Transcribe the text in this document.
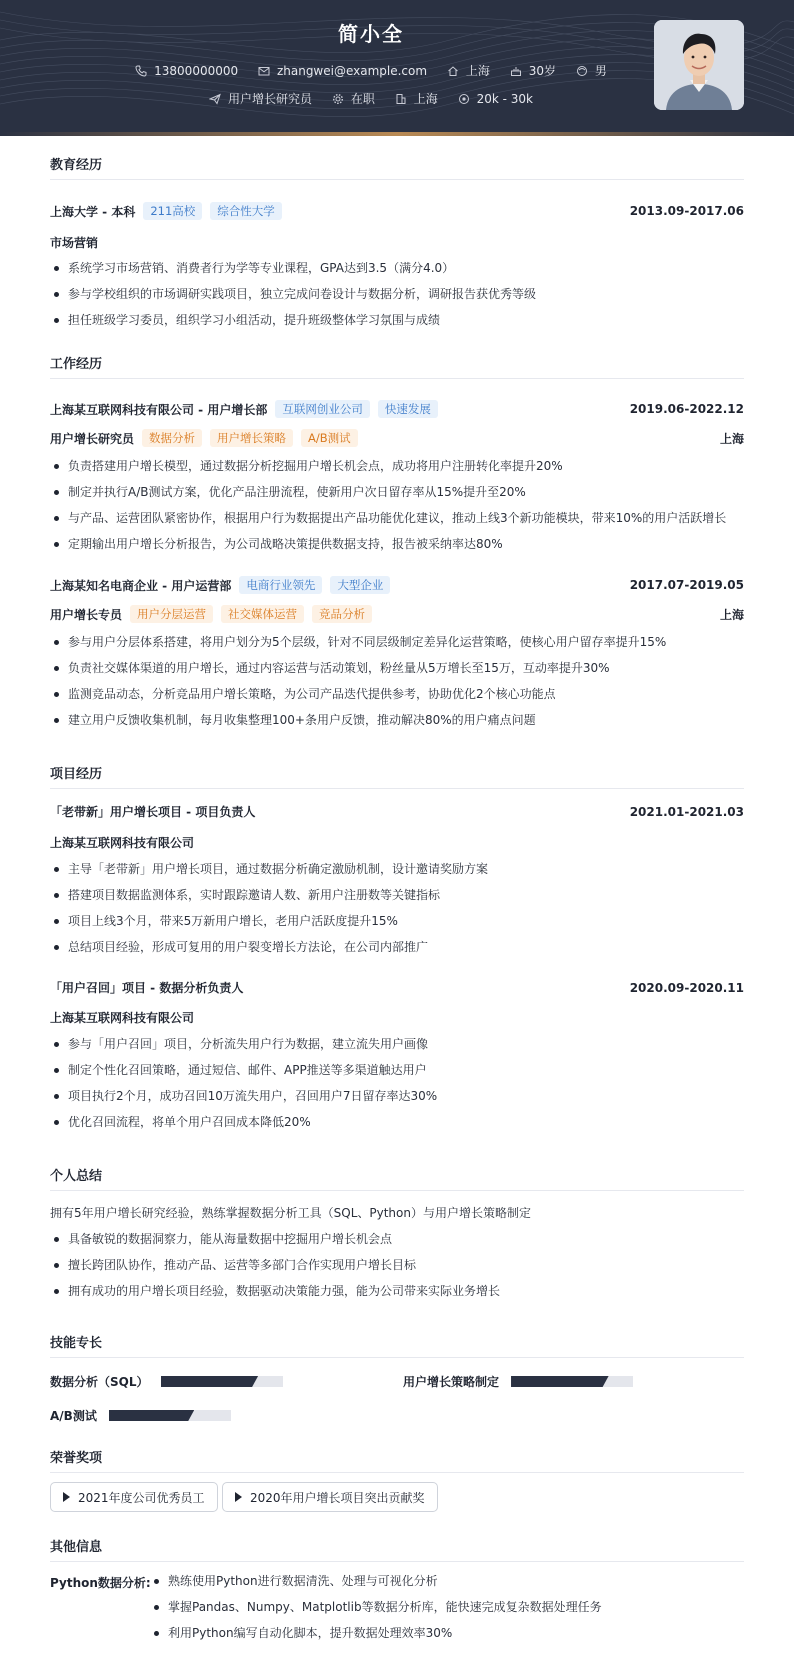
简小全
13800000000
	zhangwei@example.com
	上海
	30岁
	男
用户增长研究员
	在职
	上海
	20k - 30k
教育经历
上海大学 - 本科	211高校	综合性大学	2013.09-2017.06
市场营销
系统学习市场营销、消费者行为学等专业课程，GPA达到3.5（满分4.0）
参与学校组织的市场调研实践项目，独立完成问卷设计与数据分析，调研报告获优秀等级
担任班级学习委员，组织学习小组活动，提升班级整体学习氛围与成绩
工作经历
上海某互联网科技有限公司 - 用户增长部	互联网创业公司	快速发展	2019.06-2022.12
用户增长研究员	数据分析	用户增长策略	A/B测试	上海
负责搭建用户增长模型，通过数据分析挖掘用户增长机会点，成功将用户注册转化率提升20%
制定并执行A/B测试方案，优化产品注册流程，使新用户次日留存率从15%提升至20%
与产品、运营团队紧密协作，根据用户行为数据提出产品功能优化建议，推动上线3个新功能模块，带来10%的用户活跃增长
定期输出用户增长分析报告，为公司战略决策提供数据支持，报告被采纳率达80%
上海某知名电商企业 - 用户运营部	电商行业领先	大型企业	2017.07-2019.05
用户增长专员	用户分层运营	社交媒体运营	竞品分析	上海
参与用户分层体系搭建，将用户划分为5个层级，针对不同层级制定差异化运营策略，使核心用户留存率提升15%
负责社交媒体渠道的用户增长，通过内容运营与活动策划，粉丝量从5万增长至15万，互动率提升30%
监测竞品动态，分析竞品用户增长策略，为公司产品迭代提供参考，协助优化2个核心功能点
建立用户反馈收集机制，每月收集整理100+条用户反馈，推动解决80%的用户痛点问题
项目经历
「老带新」用户增长项目 - 项目负责人	2021.01-2021.03
上海某互联网科技有限公司
主导「老带新」用户增长项目，通过数据分析确定激励机制，设计邀请奖励方案
搭建项目数据监测体系，实时跟踪邀请人数、新用户注册数等关键指标
项目上线3个月，带来5万新用户增长，老用户活跃度提升15%
总结项目经验，形成可复用的用户裂变增长方法论，在公司内部推广
「用户召回」项目 - 数据分析负责人	2020.09-2020.11
上海某互联网科技有限公司
参与「用户召回」项目，分析流失用户行为数据，建立流失用户画像
制定个性化召回策略，通过短信、邮件、APP推送等多渠道触达用户
项目执行2个月，成功召回10万流失用户，召回用户7日留存率达30%
优化召回流程，将单个用户召回成本降低20%
个人总结
拥有5年用户增长研究经验，熟练掌握数据分析工具（SQL、Python）与用户增长策略制定
具备敏锐的数据洞察力，能从海量数据中挖掘用户增长机会点
擅长跨团队协作，推动产品、运营等多部门合作实现用户增长目标
拥有成功的用户增长项目经验，数据驱动决策能力强，能为公司带来实际业务增长
技能专长
数据分析（SQL）	用户增长策略制定
A/B测试
荣誉奖项
2021年度公司优秀员工	2020年用户增长项目突出贡献奖
其他信息
Python数据分析:	熟练使用Python进行数据清洗、处理与可视化分析
掌握Pandas、Numpy、Matplotlib等数据分析库，能快速完成复杂数据处理任务
利用Python编写自动化脚本，提升数据处理效率30%
